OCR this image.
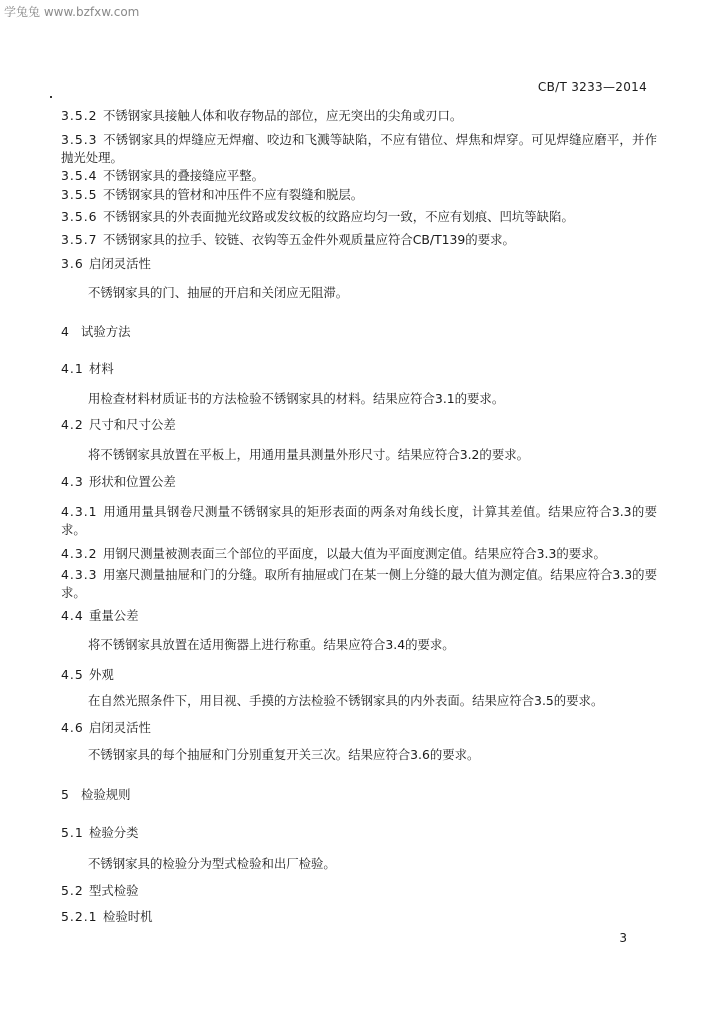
学兔兔 www.bzfxw.com
CB/T 3233—2014
3.5.2 不锈钢家具接触人体和收存物品的部位，应无突出的尖角或刃口。
3.5.3 不锈钢家具的焊缝应无焊瘤、咬边和飞溅等缺陷，不应有错位、焊焦和焊穿。可见焊缝应磨平，并作抛光处理。
3.5.4 不锈钢家具的叠接缝应平整。
3.5.5 不锈钢家具的管材和冲压件不应有裂缝和脱层。
3.5.6 不锈钢家具的外表面抛光纹路或发纹板的纹路应均匀一致，不应有划痕、凹坑等缺陷。
3.5.7 不锈钢家具的拉手、铰链、衣钩等五金件外观质量应符合CB/T139的要求。
3.6 启闭灵活性
不锈钢家具的门、抽屉的开启和关闭应无阻滞。
4 试验方法
4.1 材料
用检查材料材质证书的方法检验不锈钢家具的材料。结果应符合3.1的要求。
4.2 尺寸和尺寸公差
将不锈钢家具放置在平板上，用通用量具测量外形尺寸。结果应符合3.2的要求。
4.3 形状和位置公差
4.3.1 用通用量具钢卷尺测量不锈钢家具的矩形表面的两条对角线长度，计算其差值。结果应符合3.3的要求。
4.3.2 用钢尺测量被测表面三个部位的平面度，以最大值为平面度测定值。结果应符合3.3的要求。
4.3.3 用塞尺测量抽屉和门的分缝。取所有抽屉或门在某一侧上分缝的最大值为测定值。结果应符合3.3的要求。
4.4 重量公差
将不锈钢家具放置在适用衡器上进行称重。结果应符合3.4的要求。
4.5 外观
在自然光照条件下，用目视、手摸的方法检验不锈钢家具的内外表面。结果应符合3.5的要求。
4.6 启闭灵活性
不锈钢家具的每个抽屉和门分别重复开关三次。结果应符合3.6的要求。
5 检验规则
5.1 检验分类
不锈钢家具的检验分为型式检验和出厂检验。
5.2 型式检验
5.2.1 检验时机
3
